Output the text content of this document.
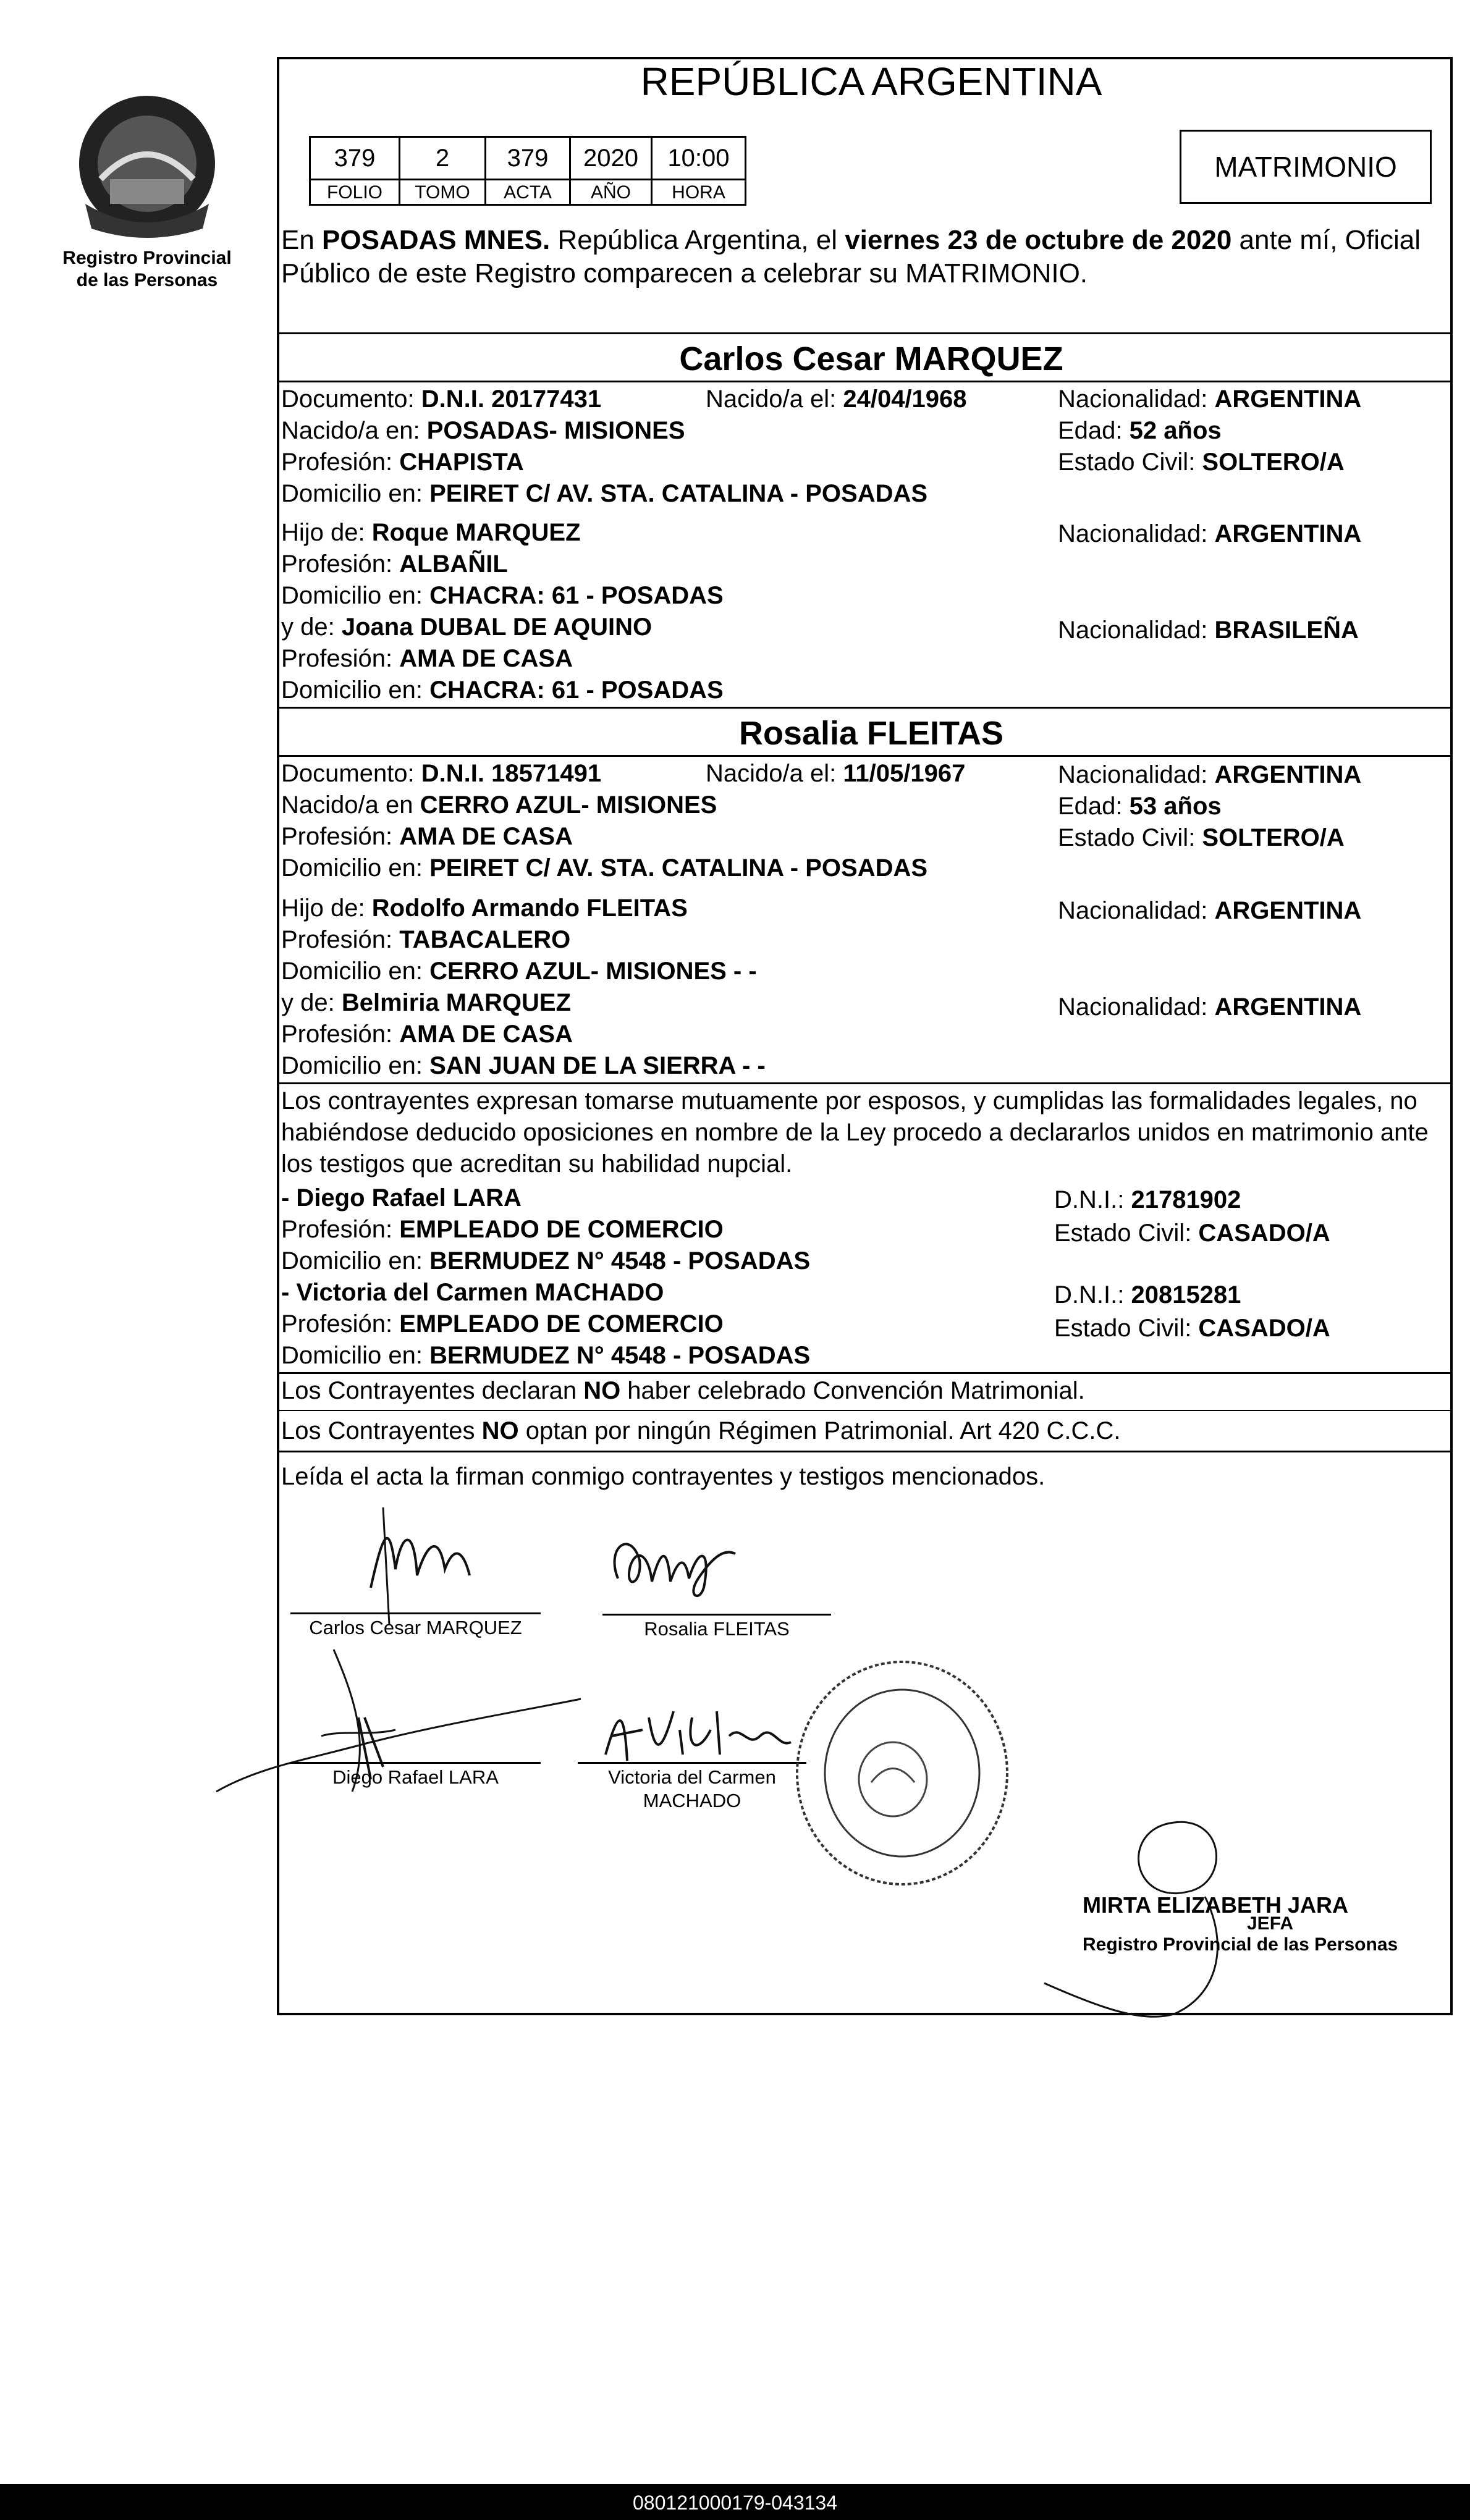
Registro Provincial
de las Personas
REPÚBLICA ARGENTINA
379	2	379	2020	10:00
FOLIO	TOMO	ACTA	AÑO	HORA
MATRIMONIO
En POSADAS MNES. República Argentina, el viernes 23 de octubre de 2020 ante mí, Oficial
Público de este Registro comparecen a celebrar su MATRIMONIO.
Carlos Cesar MARQUEZ
Documento: D.N.I. 20177431	Nacido/a el: 24/04/1968	Nacionalidad: ARGENTINA
Nacido/a en: POSADAS- MISIONES	Edad: 52 años
Profesión: CHAPISTA	Estado Civil: SOLTERO/A
Domicilio en: PEIRET C/ AV. STA. CATALINA - POSADAS
Hijo de: Roque MARQUEZ	Nacionalidad: ARGENTINA
Profesión: ALBAÑIL
Domicilio en: CHACRA: 61 - POSADAS
y de: Joana DUBAL DE AQUINO	Nacionalidad: BRASILEÑA
Profesión: AMA DE CASA
Domicilio en: CHACRA: 61 - POSADAS
Rosalia FLEITAS
Documento: D.N.I. 18571491	Nacido/a el: 11/05/1967	Nacionalidad: ARGENTINA
Nacido/a en CERRO AZUL- MISIONES	Edad: 53 años
Profesión: AMA DE CASA	Estado Civil: SOLTERO/A
Domicilio en: PEIRET C/ AV. STA. CATALINA - POSADAS
Hijo de: Rodolfo Armando FLEITAS	Nacionalidad: ARGENTINA
Profesión: TABACALERO
Domicilio en: CERRO AZUL- MISIONES - -
y de: Belmiria MARQUEZ	Nacionalidad: ARGENTINA
Profesión: AMA DE CASA
Domicilio en: SAN JUAN DE LA SIERRA - -
Los contrayentes expresan tomarse mutuamente por esposos, y cumplidas las formalidades legales, no
habiéndose deducido oposiciones en nombre de la Ley procedo a declararlos unidos en matrimonio ante
los testigos que acreditan su habilidad nupcial.
- Diego Rafael LARA	D.N.I.: 21781902
Profesión: EMPLEADO DE COMERCIO	Estado Civil: CASADO/A
Domicilio en: BERMUDEZ N° 4548 - POSADAS
- Victoria del Carmen MACHADO	D.N.I.: 20815281
Profesión: EMPLEADO DE COMERCIO	Estado Civil: CASADO/A
Domicilio en: BERMUDEZ N° 4548 - POSADAS
Los Contrayentes declaran NO haber celebrado Convención Matrimonial.
Los Contrayentes NO optan por ningún Régimen Patrimonial. Art 420 C.C.C.
Leída el acta la firman conmigo contrayentes y testigos mencionados.
Carlos Cesar MARQUEZ	Rosalia FLEITAS
Diego Rafael LARA	Victoria del Carmen
MACHADO
MIRTA ELIZABETH JARA
JEFA
Registro Provincial de las Personas
080121000179-043134
